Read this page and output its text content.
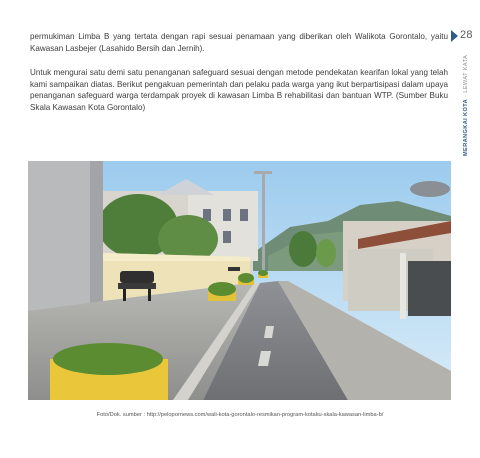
permukiman Limba B yang tertata dengan rapi sesuai penamaan yang diberikan oleh Walikota Gorontalo, yaitu Kawasan Lasbejer (Lasahido Bersih dan Jernih).

Untuk mengurai satu demi satu penanganan safeguard sesuai dengan metode pendekatan kearifan lokal yang telah kami sampaikan diatas. Berikut pengakuan pemerintah dan pelaku pada warga yang ikut berpartisipasi dalam upaya penanganan safeguard warga terdampak proyek di kawasan Limba B rehabilitasi dan bantuan WTP. (Sumber Buku Skala Kawasan Kota Gorontalo)

28
MERANGKAI KOTA · LEWAT KATA
Foto/Dok. sumber : http://pelopornews.com/wali-kota-gorontalo-resmikan-program-kotaku-skala-kawasan-limba-b/
